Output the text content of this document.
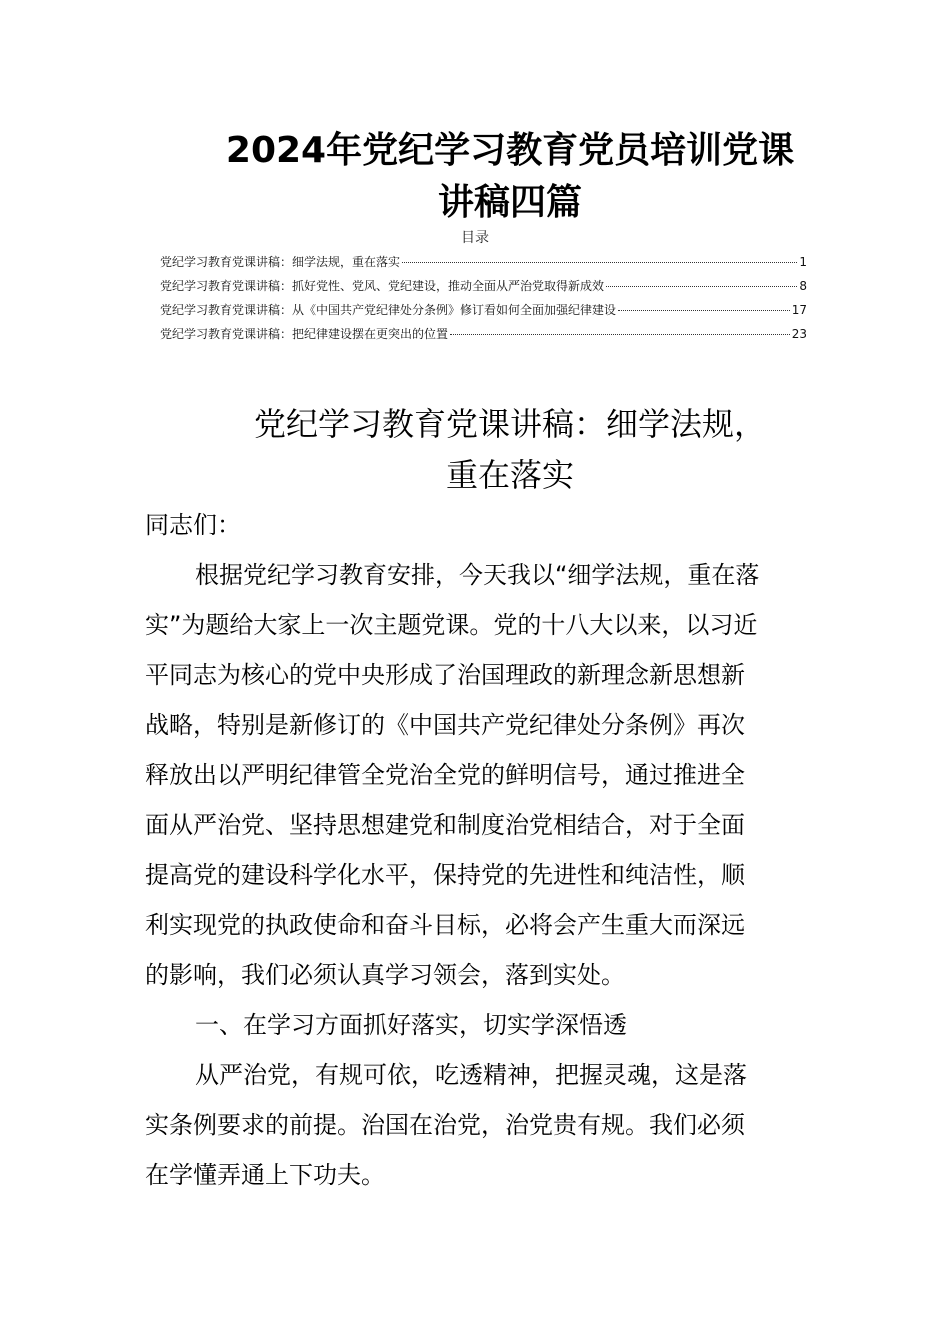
2024年党纪学习教育党员培训党课
讲稿四篇
目录
党纪学习教育党课讲稿：细学法规，重在落实	1
党纪学习教育党课讲稿：抓好党性、党风、党纪建设，推动全面从严治党取得新成效	8
党纪学习教育党课讲稿：从《中国共产党纪律处分条例》修订看如何全面加强纪律建设	17
党纪学习教育党课讲稿：把纪律建设摆在更突出的位置	23
党纪学习教育党课讲稿：细学法规，
重在落实
同志们：
根据党纪学习教育安排，今天我以“细学法规，重在落
实”为题给大家上一次主题党课。党的十八大以来，以习近
平同志为核心的党中央形成了治国理政的新理念新思想新
战略，特别是新修订的《中国共产党纪律处分条例》再次
释放出以严明纪律管全党治全党的鲜明信号，通过推进全
面从严治党、坚持思想建党和制度治党相结合，对于全面
提高党的建设科学化水平，保持党的先进性和纯洁性，顺
利实现党的执政使命和奋斗目标，必将会产生重大而深远
的影响，我们必须认真学习领会，落到实处。
一、在学习方面抓好落实，切实学深悟透
从严治党，有规可依，吃透精神，把握灵魂，这是落
实条例要求的前提。治国在治党，治党贵有规。我们必须
在学懂弄通上下功夫。
